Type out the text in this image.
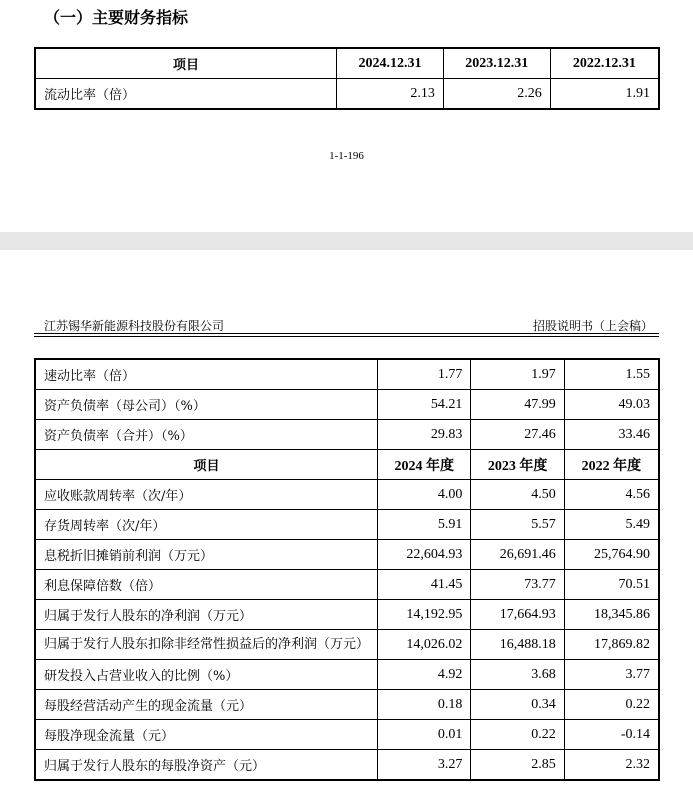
（一）主要财务指标
项目	2024.12.31	2023.12.31	2022.12.31
流动比率（倍）	2.13	2.26	1.91
1-1-196
江苏锡华新能源科技股份有限公司	招股说明书（上会稿）
速动比率（倍）	1.77	1.97	1.55
资产负债率（母公司）（%）	54.21	47.99	49.03
资产负债率（合并）（%）	29.83	27.46	33.46
项目	2024 年度	2023 年度	2022 年度
应收账款周转率（次/年）	4.00	4.50	4.56
存货周转率（次/年）	5.91	5.57	5.49
息税折旧摊销前利润（万元）	22,604.93	26,691.46	25,764.90
利息保障倍数（倍）	41.45	73.77	70.51
归属于发行人股东的净利润（万元）	14,192.95	17,664.93	18,345.86
归属于发行人股东扣除非经常性损益后的净利润（万元）	14,026.02	16,488.18	17,869.82
研发投入占营业收入的比例（%）	4.92	3.68	3.77
每股经营活动产生的现金流量（元）	0.18	0.34	0.22
每股净现金流量（元）	0.01	0.22	-0.14
归属于发行人股东的每股净资产（元）	3.27	2.85	2.32
